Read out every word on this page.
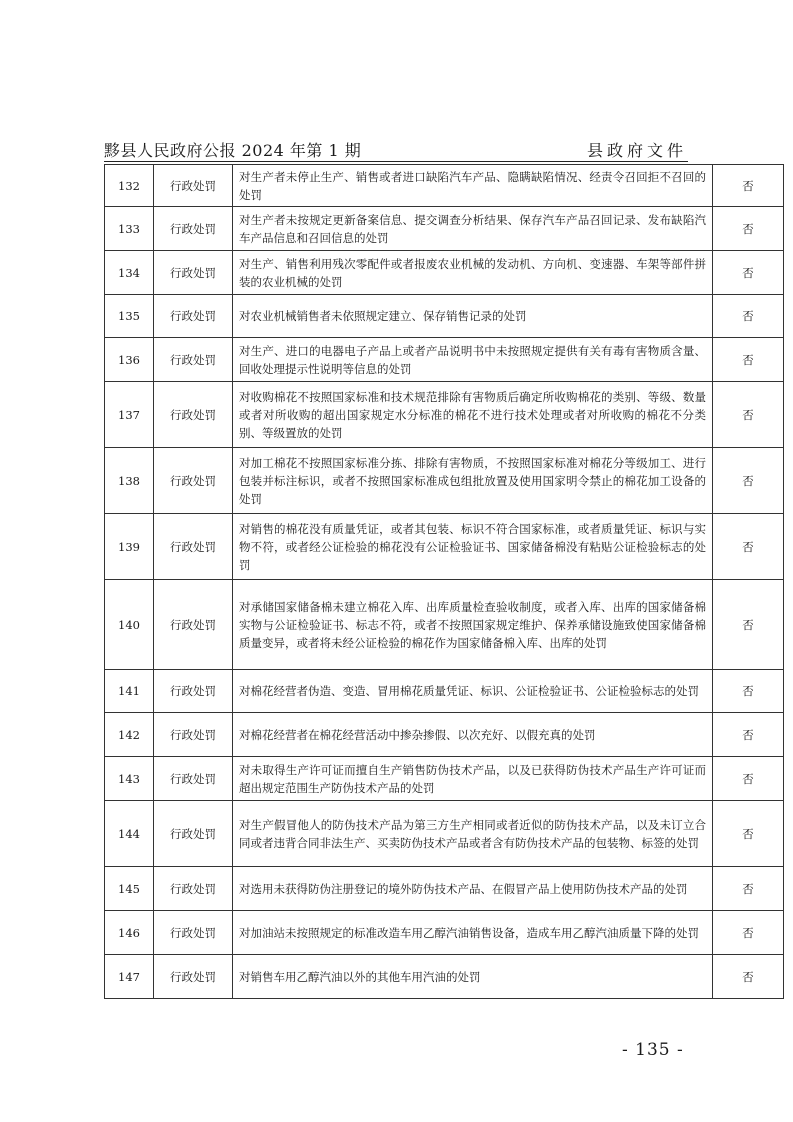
黟县人民政府公报 2024 年第 1 期	县政府文件
132	行政处罚	对生产者未停止生产、销售或者进口缺陷汽车产品、隐瞒缺陷情况、经责令召回拒不召回的处罚	否
133	行政处罚	对生产者未按规定更新备案信息、提交调查分析结果、保存汽车产品召回记录、发布缺陷汽车产品信息和召回信息的处罚	否
134	行政处罚	对生产、销售利用残次零配件或者报废农业机械的发动机、方向机、变速器、车架等部件拼装的农业机械的处罚	否
135	行政处罚	对农业机械销售者未依照规定建立、保存销售记录的处罚	否
136	行政处罚	对生产、进口的电器电子产品上或者产品说明书中未按照规定提供有关有毒有害物质含量、回收处理提示性说明等信息的处罚	否
137	行政处罚	对收购棉花不按照国家标准和技术规范排除有害物质后确定所收购棉花的类别、等级、数量或者对所收购的超出国家规定水分标准的棉花不进行技术处理或者对所收购的棉花不分类别、等级置放的处罚	否
138	行政处罚	对加工棉花不按照国家标准分拣、排除有害物质，不按照国家标准对棉花分等级加工、进行包装并标注标识，或者不按照国家标准成包组批放置及使用国家明令禁止的棉花加工设备的处罚	否
139	行政处罚	对销售的棉花没有质量凭证，或者其包装、标识不符合国家标准，或者质量凭证、标识与实物不符，或者经公证检验的棉花没有公证检验证书、国家储备棉没有粘贴公证检验标志的处罚	否
140	行政处罚	对承储国家储备棉未建立棉花入库、出库质量检查验收制度，或者入库、出库的国家储备棉实物与公证检验证书、标志不符，或者不按照国家规定维护、保养承储设施致使国家储备棉质量变异，或者将未经公证检验的棉花作为国家储备棉入库、出库的处罚	否
141	行政处罚	对棉花经营者伪造、变造、冒用棉花质量凭证、标识、公证检验证书、公证检验标志的处罚	否
142	行政处罚	对棉花经营者在棉花经营活动中掺杂掺假、以次充好、以假充真的处罚	否
143	行政处罚	对未取得生产许可证而擅自生产销售防伪技术产品，以及已获得防伪技术产品生产许可证而超出规定范围生产防伪技术产品的处罚	否
144	行政处罚	对生产假冒他人的防伪技术产品为第三方生产相同或者近似的防伪技术产品，以及未订立合同或者违背合同非法生产、买卖防伪技术产品或者含有防伪技术产品的包装物、标签的处罚	否
145	行政处罚	对选用未获得防伪注册登记的境外防伪技术产品、在假冒产品上使用防伪技术产品的处罚	否
146	行政处罚	对加油站未按照规定的标准改造车用乙醇汽油销售设备，造成车用乙醇汽油质量下降的处罚	否
147	行政处罚	对销售车用乙醇汽油以外的其他车用汽油的处罚	否
- 135 -
